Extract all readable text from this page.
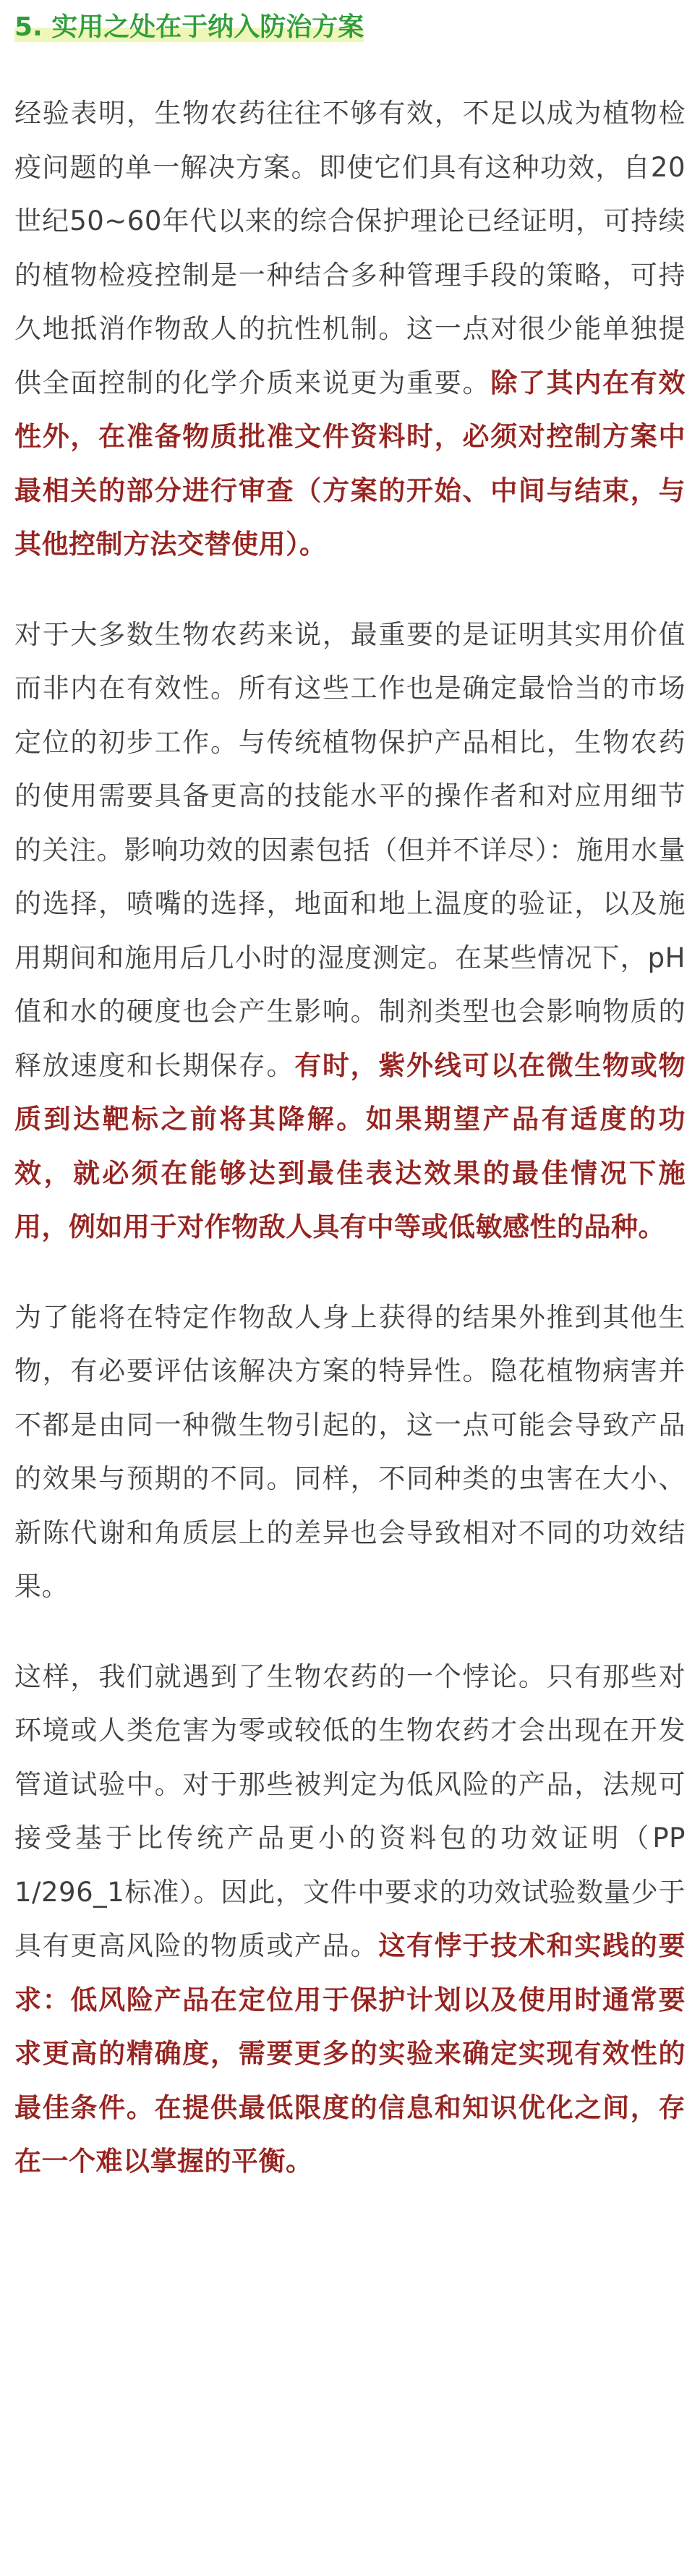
5. 实用之处在于纳入防治方案

经验表明，生物农药往往不够有效，不足以成为植物检疫问题的单一解决方案。即使它们具有这种功效，自20世纪50~60年代以来的综合保护理论已经证明，可持续的植物检疫控制是一种结合多种管理手段的策略，可持久地抵消作物敌人的抗性机制。这一点对很少能单独提供全面控制的化学介质来说更为重要。除了其内在有效性外，在准备物质批准文件资料时，必须对控制方案中最相关的部分进行审查（方案的开始、中间与结束，与其他控制方法交替使用）。

对于大多数生物农药来说，最重要的是证明其实用价值而非内在有效性。所有这些工作也是确定最恰当的市场定位的初步工作。与传统植物保护产品相比，生物农药的使用需要具备更高的技能水平的操作者和对应用细节的关注。影响功效的因素包括（但并不详尽）：施用水量的选择，喷嘴的选择，地面和地上温度的验证，以及施用期间和施用后几小时的湿度测定。在某些情况下，pH值和水的硬度也会产生影响。制剂类型也会影响物质的释放速度和长期保存。有时，紫外线可以在微生物或物质到达靶标之前将其降解。如果期望产品有适度的功效，就必须在能够达到最佳表达效果的最佳情况下施用，例如用于对作物敌人具有中等或低敏感性的品种。

为了能将在特定作物敌人身上获得的结果外推到其他生物，有必要评估该解决方案的特异性。隐花植物病害并不都是由同一种微生物引起的，这一点可能会导致产品的效果与预期的不同。同样，不同种类的虫害在大小、新陈代谢和角质层上的差异也会导致相对不同的功效结果。

这样，我们就遇到了生物农药的一个悖论。只有那些对环境或人类危害为零或较低的生物农药才会出现在开发管道试验中。对于那些被判定为低风险的产品，法规可接受基于比传统产品更小的资料包的功效证明（PP 1/296_1标准）。因此，文件中要求的功效试验数量少于具有更高风险的物质或产品。这有悖于技术和实践的要求：低风险产品在定位用于保护计划以及使用时通常要求更高的精确度，需要更多的实验来确定实现有效性的最佳条件。在提供最低限度的信息和知识优化之间，存在一个难以掌握的平衡。
